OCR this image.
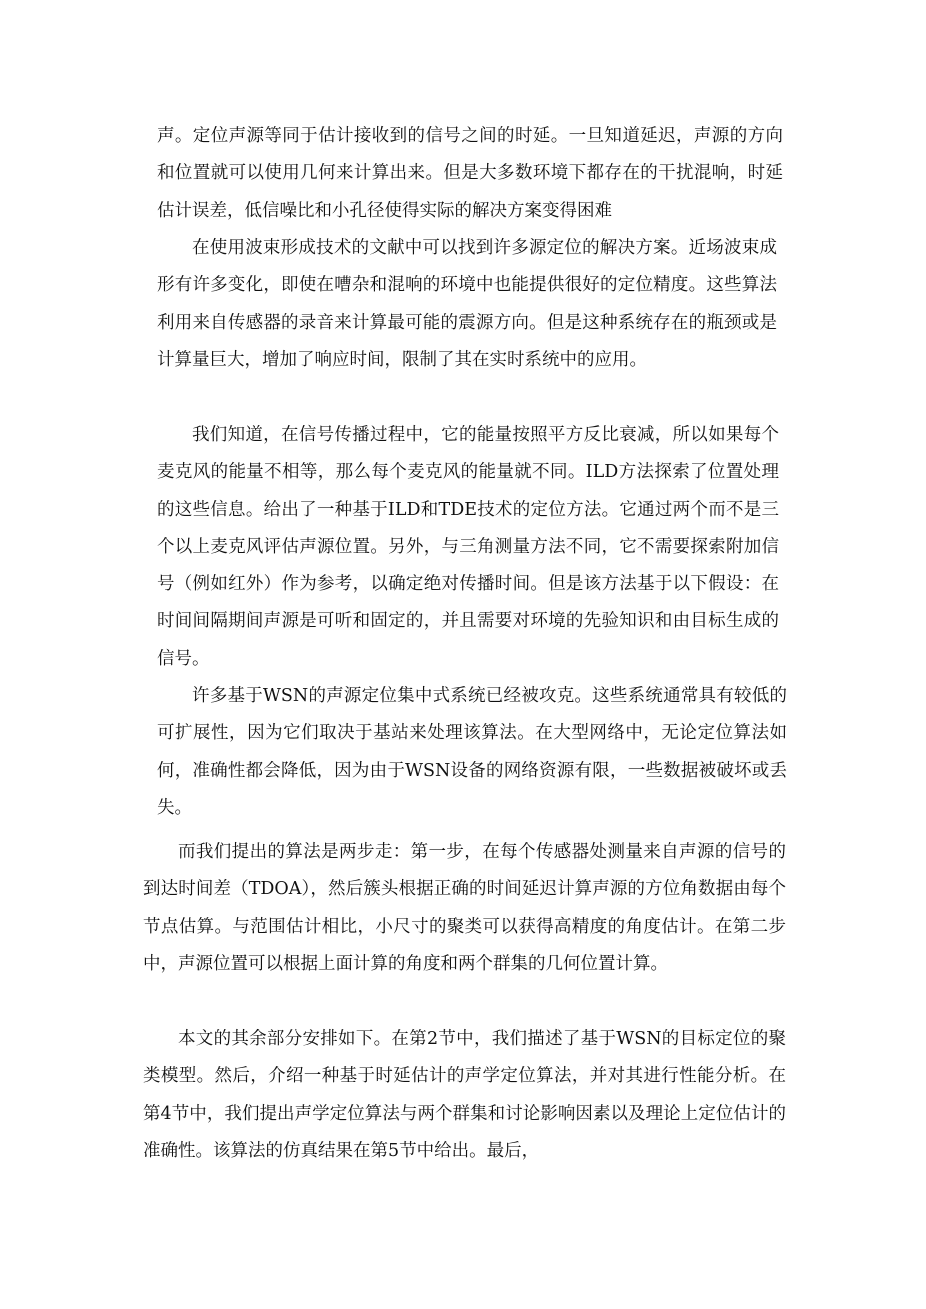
声。定位声源等同于估计接收到的信号之间的时延。一旦知道延迟，声源的方向和位置就可以使用几何来计算出来。但是大多数环境下都存在的干扰混响，时延估计误差，低信噪比和小孔径使得实际的解决方案变得困难

在使用波束形成技术的文献中可以找到许多源定位的解决方案。近场波束成形有许多变化，即使在嘈杂和混响的环境中也能提供很好的定位精度。这些算法利用来自传感器的录音来计算最可能的震源方向。但是这种系统存在的瓶颈或是计算量巨大，增加了响应时间，限制了其在实时系统中的应用。

我们知道，在信号传播过程中，它的能量按照平方反比衰减，所以如果每个麦克风的能量不相等，那么每个麦克风的能量就不同。ILD方法探索了位置处理的这些信息。给出了一种基于ILD和TDE技术的定位方法。它通过两个而不是三个以上麦克风评估声源位置。另外，与三角测量方法不同，它不需要探索附加信号（例如红外）作为参考，以确定绝对传播时间。但是该方法基于以下假设：在时间间隔期间声源是可听和固定的，并且需要对环境的先验知识和由目标生成的信号。

许多基于WSN的声源定位集中式系统已经被攻克。这些系统通常具有较低的可扩展性，因为它们取决于基站来处理该算法。在大型网络中，无论定位算法如何，准确性都会降低，因为由于WSN设备的网络资源有限，一些数据被破坏或丢失。

而我们提出的算法是两步走：第一步，在每个传感器处测量来自声源的信号的到达时间差（TDOA），然后簇头根据正确的时间延迟计算声源的方位角数据由每个节点估算。与范围估计相比，小尺寸的聚类可以获得高精度的角度估计。在第二步中，声源位置可以根据上面计算的角度和两个群集的几何位置计算。

本文的其余部分安排如下。在第2节中，我们描述了基于WSN的目标定位的聚类模型。然后，介绍一种基于时延估计的声学定位算法，并对其进行性能分析。在第4节中，我们提出声学定位算法与两个群集和讨论影响因素以及理论上定位估计的准确性。该算法的仿真结果在第5节中给出。最后，
